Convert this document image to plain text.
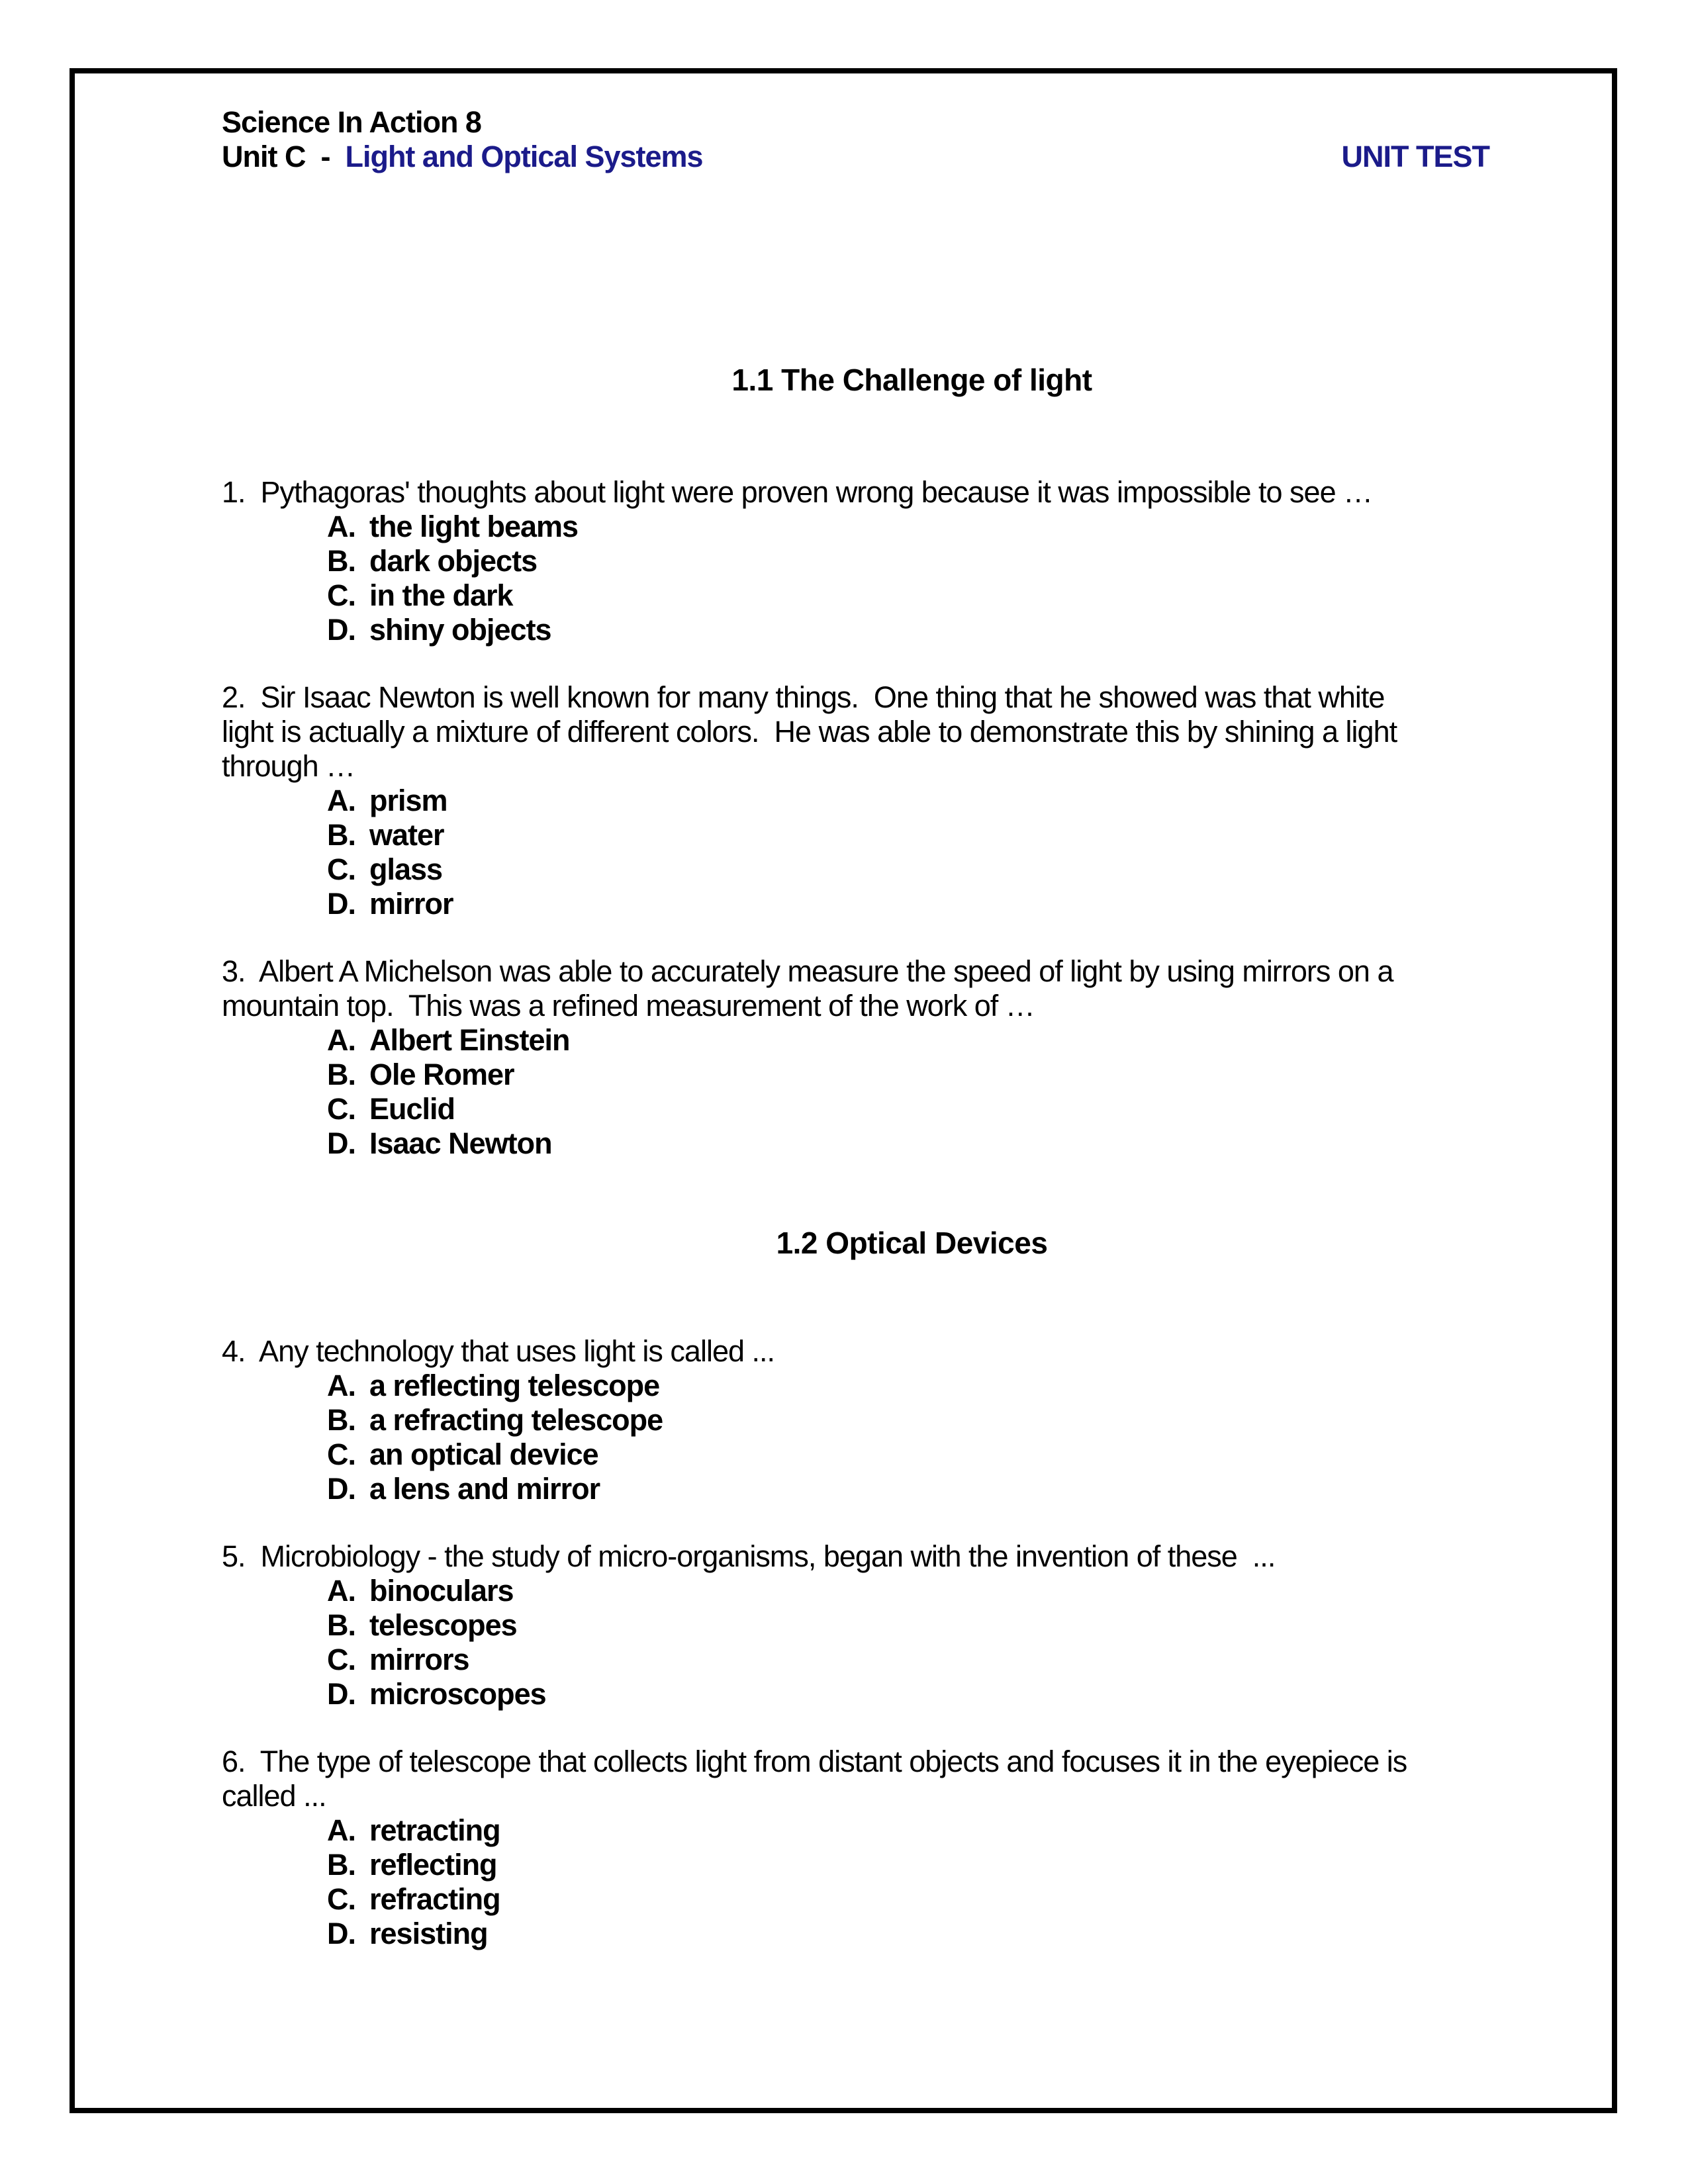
Science In Action 8
Unit C  -  Light and Optical Systems	UNIT TEST
1.1 The Challenge of light
1.  Pythagoras' thoughts about light were proven wrong because it was impossible to see …
A. the light beams
B. dark objects
C. in the dark
D. shiny objects
2.  Sir Isaac Newton is well known for many things.  One thing that he showed was that white
light is actually a mixture of different colors.  He was able to demonstrate this by shining a light
through …
A. prism
B. water
C. glass
D. mirror
3.  Albert A Michelson was able to accurately measure the speed of light by using mirrors on a
mountain top.  This was a refined measurement of the work of …
A. Albert Einstein
B. Ole Romer
C. Euclid
D. Isaac Newton
1.2 Optical Devices
4.  Any technology that uses light is called ...
A. a reflecting telescope
B. a refracting telescope
C. an optical device
D. a lens and mirror
5.  Microbiology - the study of micro-organisms, began with the invention of these  ...
A. binoculars
B. telescopes
C. mirrors
D. microscopes
6.  The type of telescope that collects light from distant objects and focuses it in the eyepiece is
called ...
A. retracting
B. reflecting
C. refracting
D. resisting
